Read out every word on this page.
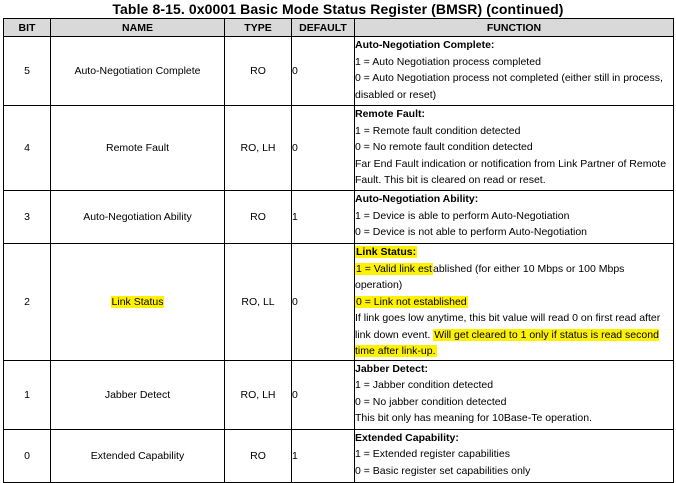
Table 8-15. 0x0001 Basic Mode Status Register (BMSR) (continued)
BIT	NAME	TYPE	DEFAULT	FUNCTION
5	Auto-Negotiation Complete	RO	0	Auto-Negotiation Complete:
1 = Auto Negotiation process completed
0 = Auto Negotiation process not completed (either still in process, disabled or reset)

4	Remote Fault	RO, LH	0	Remote Fault:
1 = Remote fault condition detected
0 = No remote fault condition detected
Far End Fault indication or notification from Link Partner of Remote Fault. This bit is cleared on read or reset.

3	Auto-Negotiation Ability	RO	1	Auto-Negotiation Ability:
1 = Device is able to perform Auto-Negotiation
0 = Device is not able to perform Auto-Negotiation

2	Link Status	RO, LL	0	Link Status:
1 = Valid link established (for either 10 Mbps or 100 Mbps operation)
0 = Link not established
If link goes low anytime, this bit value will read 0 on first read after link down event. Will get cleared to 1 only if status is read second time after link-up.

1	Jabber Detect	RO, LH	0	Jabber Detect:
1 = Jabber condition detected
0 = No jabber condition detected
This bit only has meaning for 10Base-Te operation.

0	Extended Capability	RO	1	Extended Capability:
1 = Extended register capabilities
0 = Basic register set capabilities only
